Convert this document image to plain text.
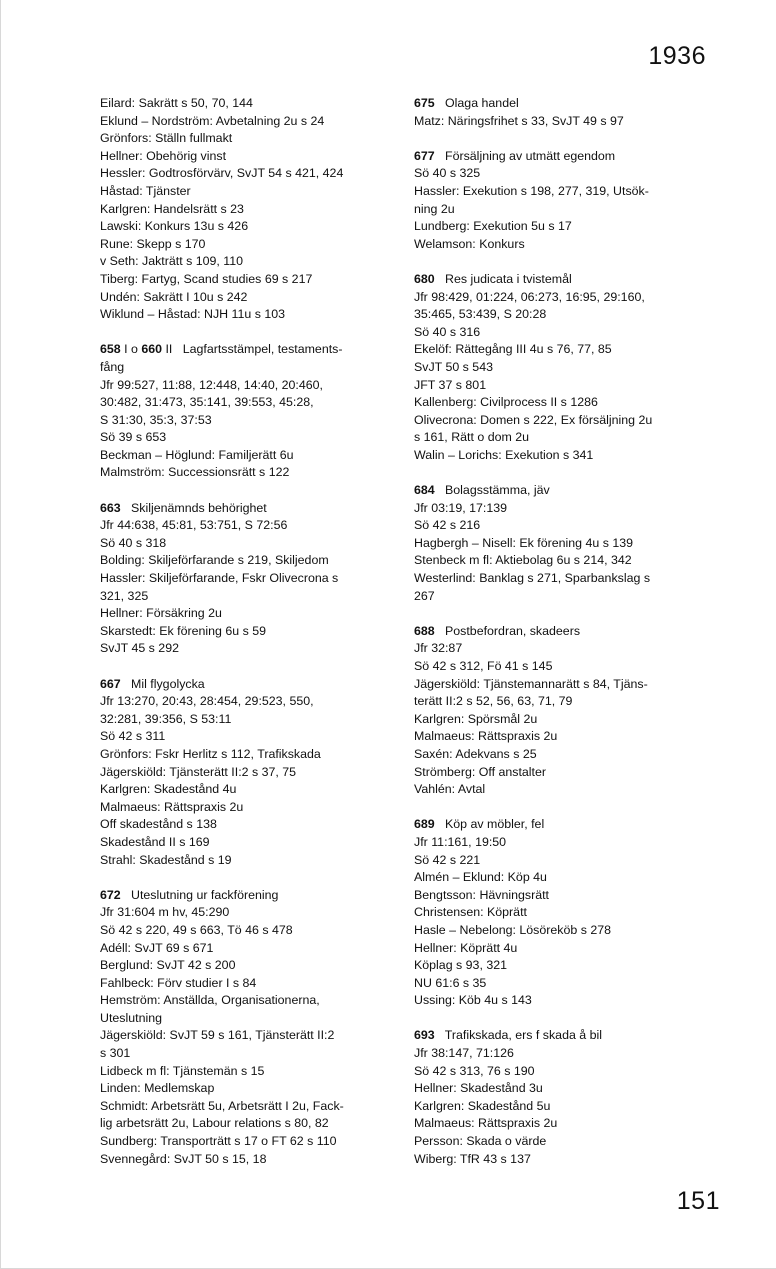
1936
Eilard: Sakrätt s 50, 70, 144
Eklund – Nordström: Avbetalning 2u s 24
Grönfors: Ställn fullmakt
Hellner: Obehörig vinst
Hessler: Godtrosförvärv, SvJT 54 s 421, 424
Håstad: Tjänster
Karlgren: Handelsrätt s 23
Lawski: Konkurs 13u s 426
Rune: Skepp s 170
v Seth: Jakträtt s 109, 110
Tiberg: Fartyg, Scand studies 69 s 217
Undén: Sakrätt I 10u s 242
Wiklund – Håstad: NJH 11u s 103
658 I o 660 II   Lagfartsstämpel, testaments-
fång
Jfr 99:527, 11:88, 12:448, 14:40, 20:460,
30:482, 31:473, 35:141, 39:553, 45:28,
S 31:30, 35:3, 37:53
Sö 39 s 653
Beckman – Höglund: Familjerätt 6u
Malmström: Successionsrätt s 122
663   Skiljenämnds behörighet
Jfr 44:638, 45:81, 53:751, S 72:56
Sö 40 s 318
Bolding: Skiljeförfarande s 219, Skiljedom
Hassler: Skiljeförfarande, Fskr Olivecrona s
321, 325
Hellner: Försäkring 2u
Skarstedt: Ek förening 6u s 59
SvJT 45 s 292
667   Mil flygolycka
Jfr 13:270, 20:43, 28:454, 29:523, 550,
32:281, 39:356, S 53:11
Sö 42 s 311
Grönfors: Fskr Herlitz s 112, Trafikskada
Jägerskiöld: Tjänsterätt II:2 s 37, 75
Karlgren: Skadestånd 4u
Malmaeus: Rättspraxis 2u
Off skadestånd s 138
Skadestånd II s 169
Strahl: Skadestånd s 19
672   Uteslutning ur fackförening
Jfr 31:604 m hv, 45:290
Sö 42 s 220, 49 s 663, Tö 46 s 478
Adéll: SvJT 69 s 671
Berglund: SvJT 42 s 200
Fahlbeck: Förv studier I s 84
Hemström: Anställda, Organisationerna,
Uteslutning
Jägerskiöld: SvJT 59 s 161, Tjänsterätt II:2
s 301
Lidbeck m fl: Tjänstemän s 15
Linden: Medlemskap
Schmidt: Arbetsrätt 5u, Arbetsrätt I 2u, Fack-
lig arbetsrätt 2u, Labour relations s 80, 82
Sundberg: Transporträtt s 17 o FT 62 s 110
Svennegård: SvJT 50 s 15, 18
675   Olaga handel
Matz: Näringsfrihet s 33, SvJT 49 s 97
677   Försäljning av utmätt egendom
Sö 40 s 325
Hassler: Exekution s 198, 277, 319, Utsök-
ning 2u
Lundberg: Exekution 5u s 17
Welamson: Konkurs
680   Res judicata i tvistemål
Jfr 98:429, 01:224, 06:273, 16:95, 29:160,
35:465, 53:439, S 20:28
Sö 40 s 316
Ekelöf: Rättegång III 4u s 76, 77, 85
SvJT 50 s 543
JFT 37 s 801
Kallenberg: Civilprocess II s 1286
Olivecrona: Domen s 222, Ex försäljning 2u
s 161, Rätt o dom 2u
Walin – Lorichs: Exekution s 341
684   Bolagsstämma, jäv
Jfr 03:19, 17:139
Sö 42 s 216
Hagbergh – Nisell: Ek förening 4u s 139
Stenbeck m fl: Aktiebolag 6u s 214, 342
Westerlind: Banklag s 271, Sparbankslag s
267
688   Postbefordran, skadeers
Jfr 32:87
Sö 42 s 312, Fö 41 s 145
Jägerskiöld: Tjänstemannarätt s 84, Tjäns-
terätt II:2 s 52, 56, 63, 71, 79
Karlgren: Spörsmål 2u
Malmaeus: Rättspraxis 2u
Saxén: Adekvans s 25
Strömberg: Off anstalter
Vahlén: Avtal
689   Köp av möbler, fel
Jfr 11:161, 19:50
Sö 42 s 221
Almén – Eklund: Köp 4u
Bengtsson: Hävningsrätt
Christensen: Köprätt
Hasle – Nebelong: Lösöreköb s 278
Hellner: Köprätt 4u
Köplag s 93, 321
NU 61:6 s 35
Ussing: Köb 4u s 143
693   Trafikskada, ers f skada å bil
Jfr 38:147, 71:126
Sö 42 s 313, 76 s 190
Hellner: Skadestånd 3u
Karlgren: Skadestånd 5u
Malmaeus: Rättspraxis 2u
Persson: Skada o värde
Wiberg: TfR 43 s 137
151
